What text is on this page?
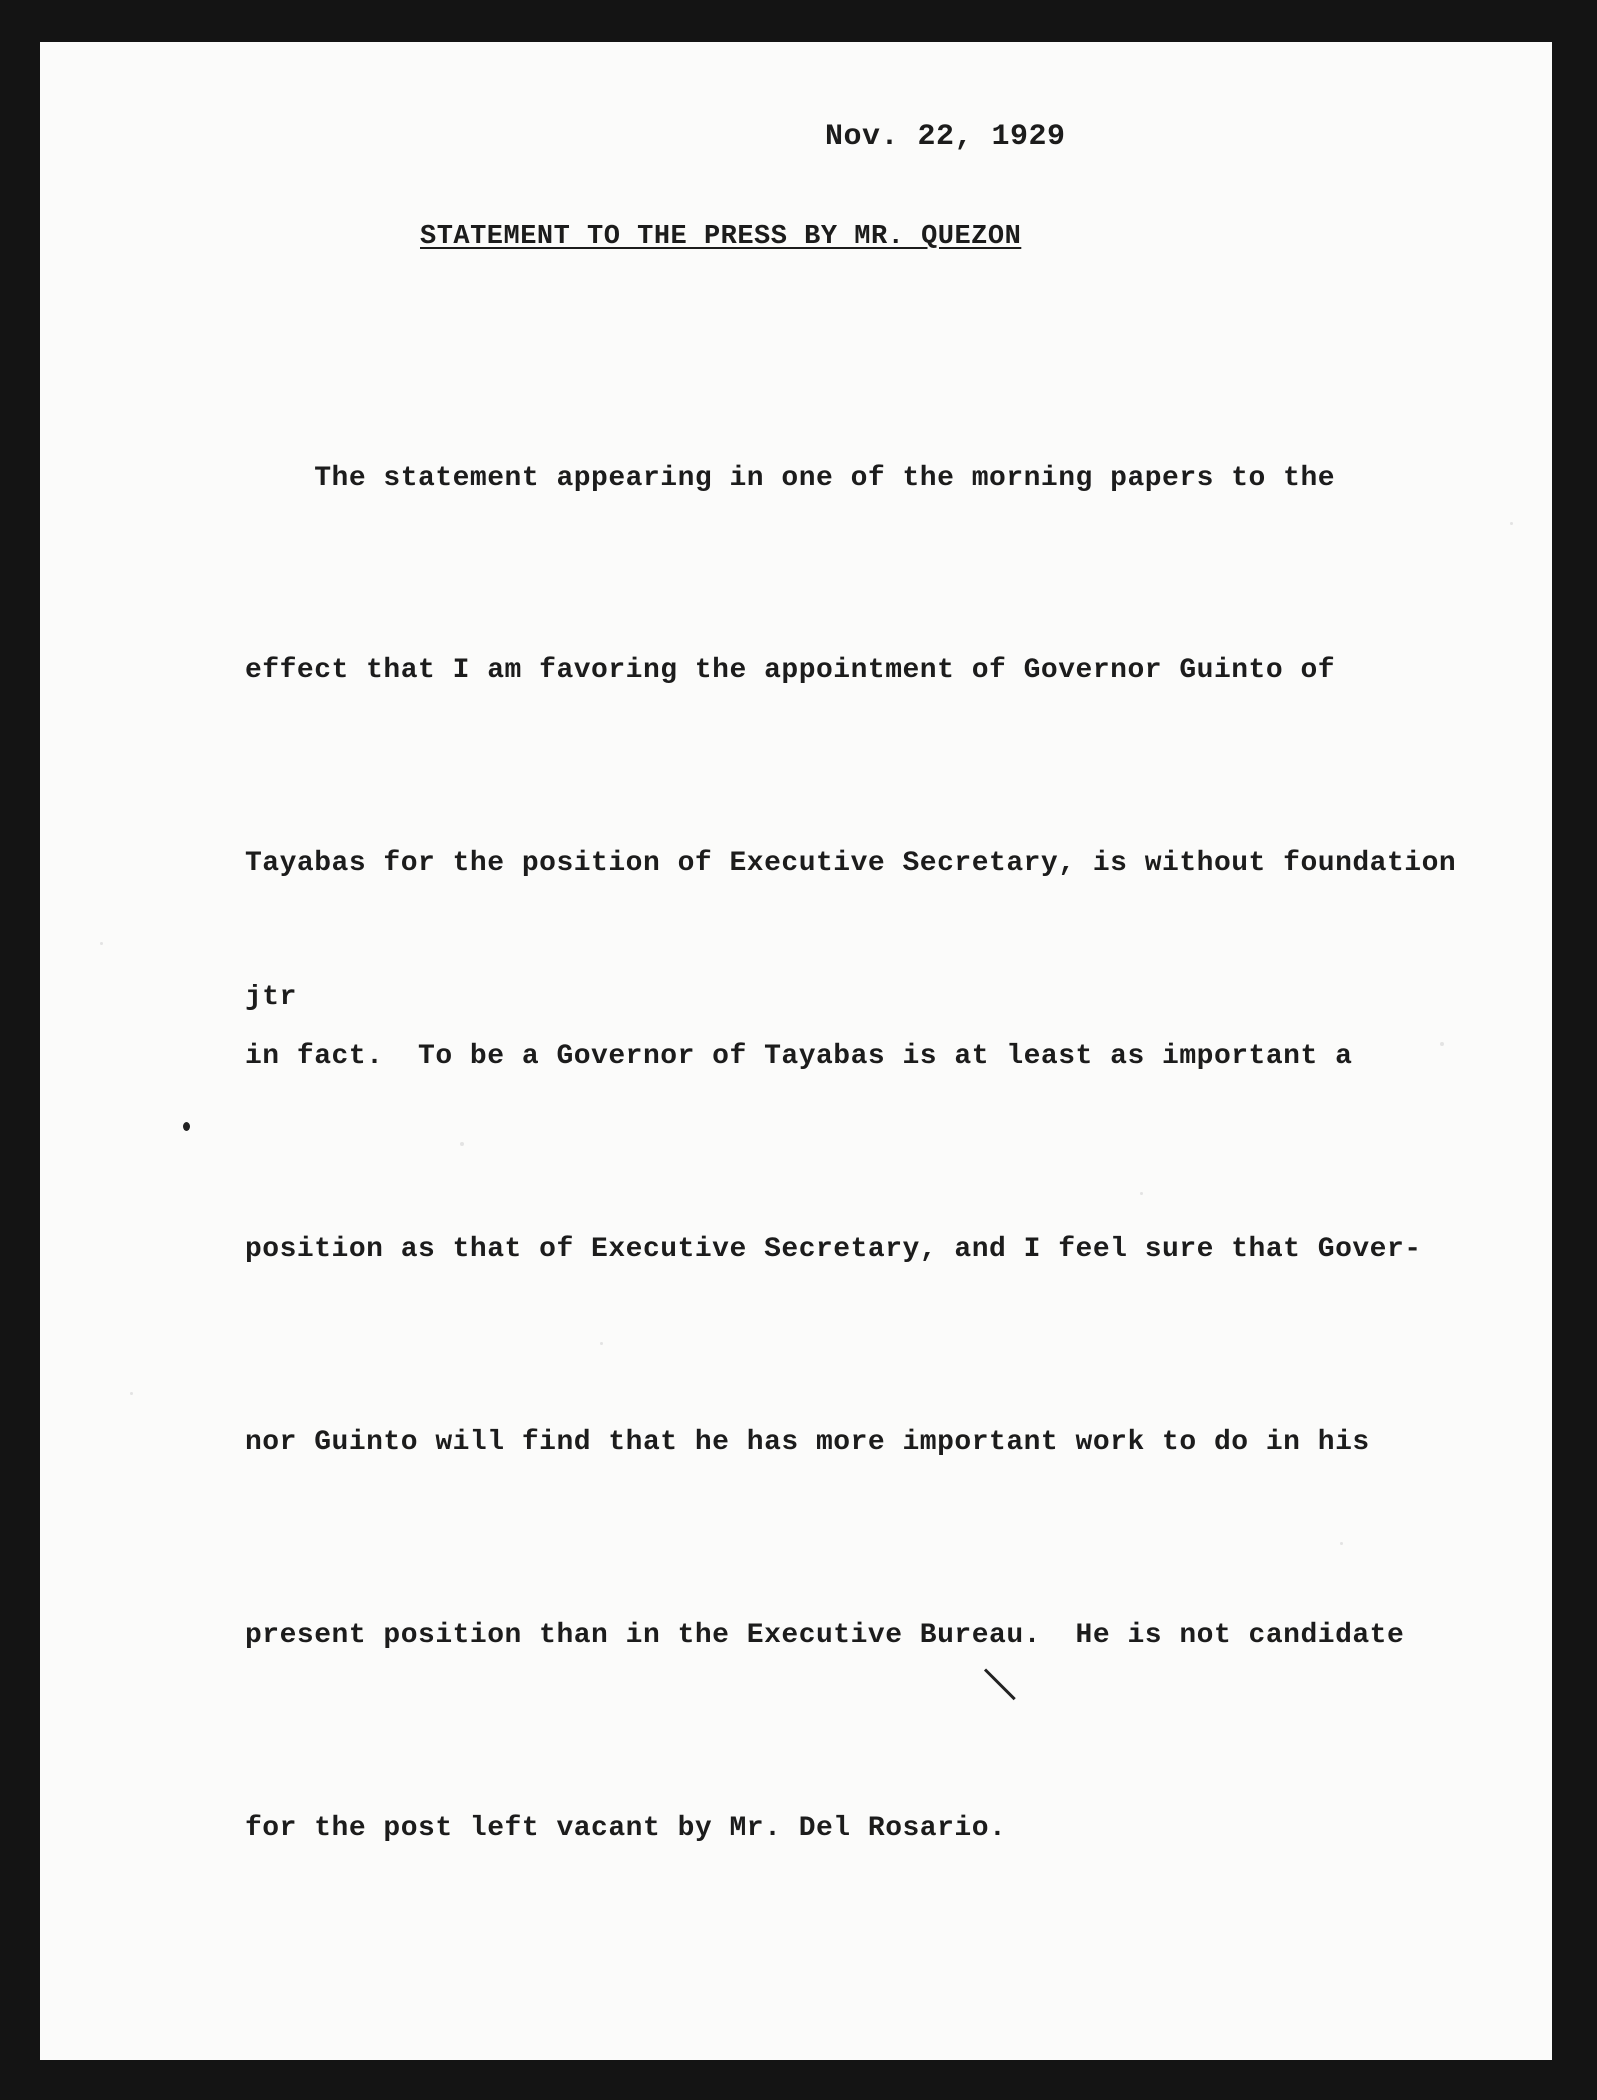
Nov. 22, 1929
STATEMENT TO THE PRESS BY MR. QUEZON

The statement appearing in one of the morning papers to the

effect that I am favoring the appointment of Governor Guinto of

Tayabas for the position of Executive Secretary, is without foundation

in fact.  To be a Governor of Tayabas is at least as important a

position as that of Executive Secretary, and I feel sure that Gover-

nor Guinto will find that he has more important work to do in his

present position than in the Executive Bureau.  He is not candidate

for the post left vacant by Mr. Del Rosario.

jtr
